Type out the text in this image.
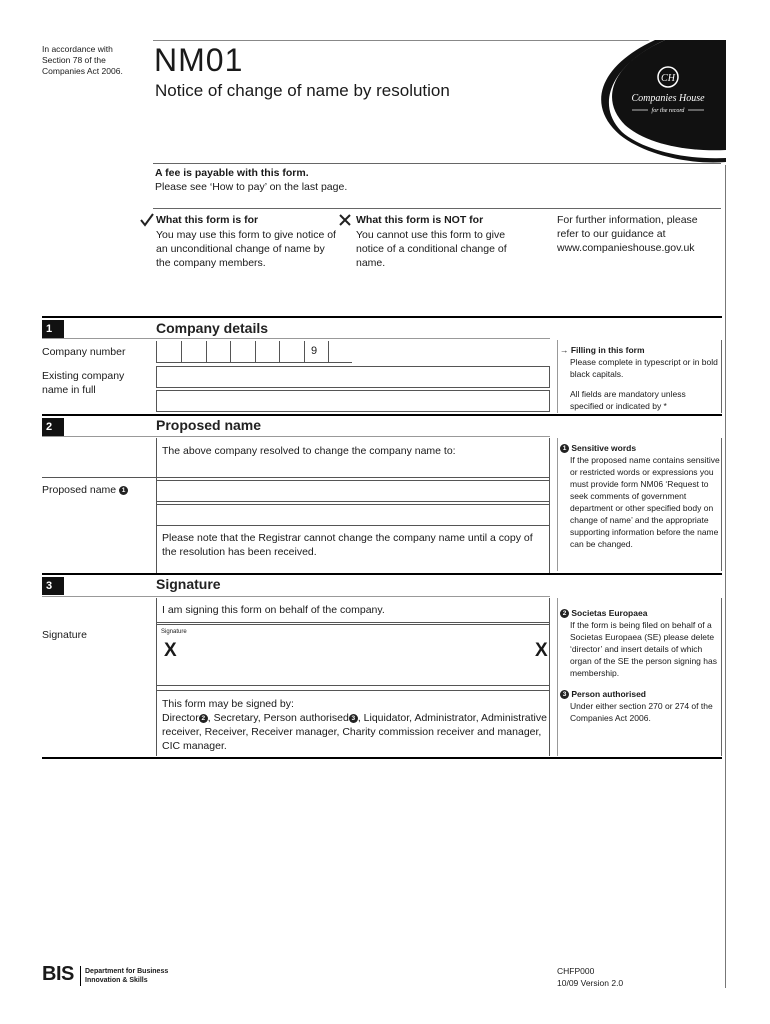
In accordance with Section 78 of the Companies Act 2006. NM01
Notice of change of name by resolution
CH
Companies House
for the record
A fee is payable with this form.
Please see ‘How to pay’ on the last page.
What this form is for
You may use this form to give notice of an unconditional change of name by the company members.
What this form is NOT for
You cannot use this form to give notice of a conditional change of name.
For further information, please refer to our guidance at www.companieshouse.gov.uk
1	Company details
Company number	9
Existing company name in full
→ Filling in this form
Please complete in typescript or in bold black capitals.
All fields are mandatory unless specified or indicated by *
2	Proposed name
The above company resolved to change the company name to:
Proposed name 1
Please note that the Registrar cannot change the company name until a copy of the resolution has been received.
1 Sensitive words
If the proposed name contains sensitive or restricted words or expressions you must provide form NM06 ‘Request to seek comments of government department or other specified body on change of name’ and the appropriate supporting information before the name can be changed.
3	Signature
I am signing this form on behalf of the company.
Signature	Signature
X	X
This form may be signed by:
Director 2 , Secretary, Person authorised 3 , Liquidator, Administrator, Administrative receiver, Receiver, Receiver manager, Charity commission receiver and manager, CIC manager.
2 Societas Europaea
If the form is being filed on behalf of a Societas Europaea (SE) please delete ‘director’ and insert details of which organ of the SE the person signing has membership.
3 Person authorised
Under either section 270 or 274 of the Companies Act 2006.
BIS Department for Business
Innovation & Skills
CHFP000
10/09 Version 2.0
